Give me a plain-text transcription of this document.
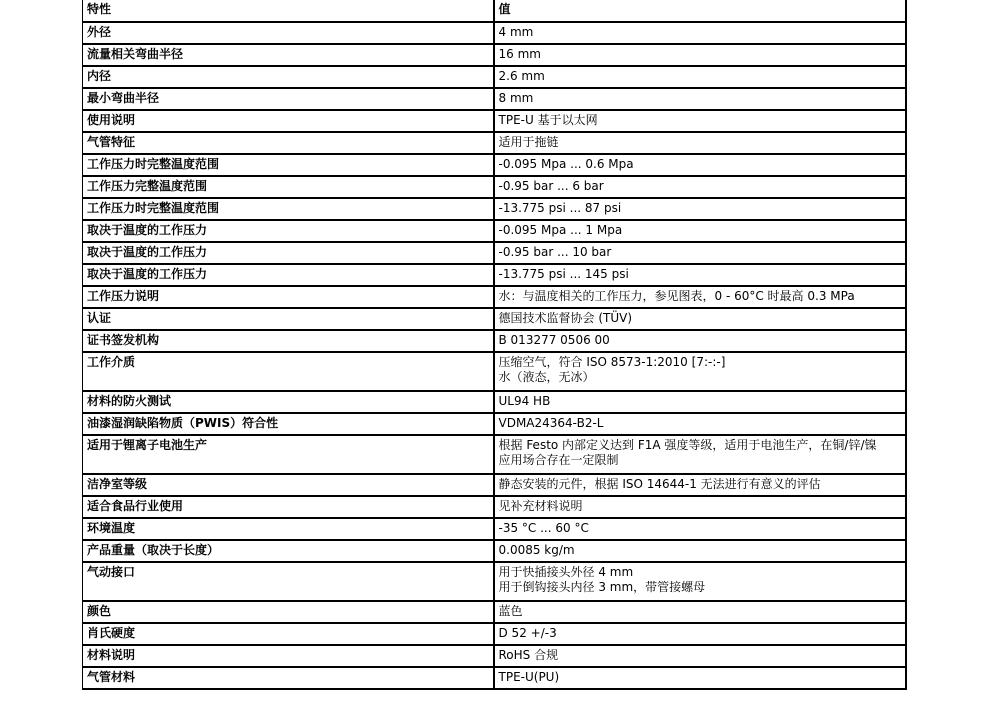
特性	值
外径	4 mm
流量相关弯曲半径	16 mm
内径	2.6 mm
最小弯曲半径	8 mm
使用说明	TPE-U 基于以太网
气管特征	适用于拖链
工作压力时完整温度范围	-0.095 Mpa ... 0.6 Mpa
工作压力完整温度范围	-0.95 bar ... 6 bar
工作压力时完整温度范围	-13.775 psi ... 87 psi
取决于温度的工作压力	-0.095 Mpa ... 1 Mpa
取决于温度的工作压力	-0.95 bar ... 10 bar
取决于温度的工作压力	-13.775 psi ... 145 psi
工作压力说明	水：与温度相关的工作压力，参见图表，0 - 60°C 时最高 0.3 MPa
认证	德国技术监督协会 (TÜV)
证书签发机构	B 013277 0506 00
工作介质	压缩空气，符合 ISO 8573-1:2010 [7:-:-]
水（液态，无冰）

材料的防火测试	UL94 HB
油漆湿润缺陷物质（PWIS）符合性	VDMA24364-B2-L
适用于锂离子电池生产	根据 Festo 内部定义达到 F1A 强度等级，适用于电池生产，在铜/锌/镍
应用场合存在一定限制

洁净室等级	静态安装的元件，根据 ISO 14644-1 无法进行有意义的评估
适合食品行业使用	见补充材料说明
环境温度	-35 °C ... 60 °C
产品重量（取决于长度）	0.0085 kg/m
气动接口	用于快插接头外径 4 mm
用于倒钩接头内径 3 mm，带管接螺母

颜色	蓝色
肖氏硬度	D 52 +/-3
材料说明	RoHS 合规
气管材料	TPE-U(PU)
